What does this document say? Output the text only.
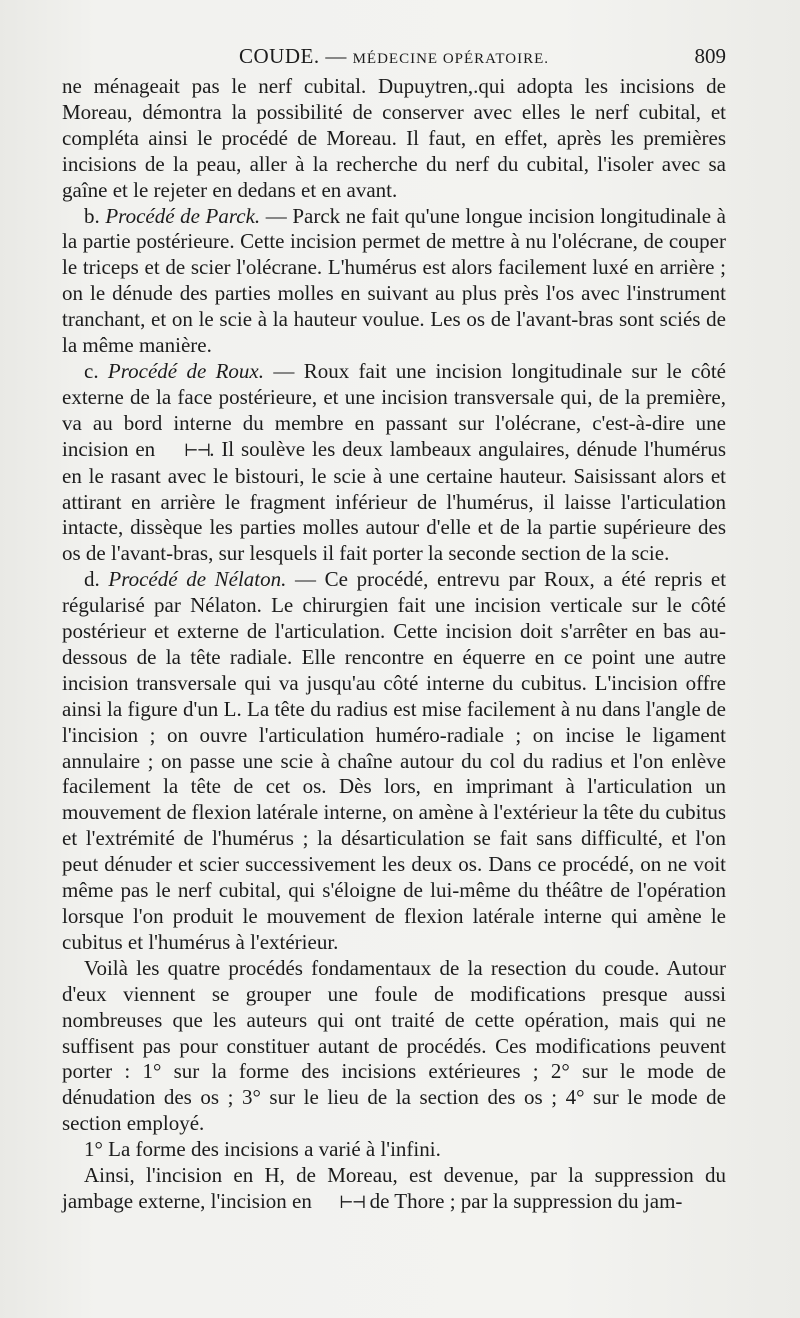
COUDE. — MÉDECINE OPÉRATOIRE.	809

ne ménageait pas le nerf cubital. Dupuytren,.qui adopta les incisions de Moreau, démontra la possibilité de conserver avec elles le nerf cubital, et compléta ainsi le procédé de Moreau. Il faut, en effet, après les premières incisions de la peau, aller à la recherche du nerf du cubital, l'isoler avec sa gaîne et le rejeter en dedans et en avant.

b. Procédé de Parck. — Parck ne fait qu'une longue incision longitudinale à la partie postérieure. Cette incision permet de mettre à nu l'olécrane, de couper le triceps et de scier l'olécrane. L'humérus est alors facilement luxé en arrière ; on le dénude des parties molles en suivant au plus près l'os avec l'instrument tranchant, et on le scie à la hauteur voulue. Les os de l'avant-bras sont sciés de la même manière.

c. Procédé de Roux. — Roux fait une incision longitudinale sur le côté externe de la face postérieure, et une incision transversale qui, de la première, va au bord interne du membre en passant sur l'olécrane, c'est-à-dire une incision en ⊢⊣. Il soulève les deux lambeaux angulaires, dénude l'humérus en le rasant avec le bistouri, le scie à une certaine hauteur. Saisissant alors et attirant en arrière le fragment inférieur de l'humérus, il laisse l'articulation intacte, dissèque les parties molles autour d'elle et de la partie supérieure des os de l'avant-bras, sur lesquels il fait porter la seconde section de la scie.

d. Procédé de Nélaton. — Ce procédé, entrevu par Roux, a été repris et régularisé par Nélaton. Le chirurgien fait une incision verticale sur le côté postérieur et externe de l'articulation. Cette incision doit s'arrêter en bas au-dessous de la tête radiale. Elle rencontre en équerre en ce point une autre incision transversale qui va jusqu'au côté interne du cubitus. L'incision offre ainsi la figure d'un L. La tête du radius est mise facilement à nu dans l'angle de l'incision ; on ouvre l'articulation huméro-radiale ; on incise le ligament annulaire ; on passe une scie à chaîne autour du col du radius et l'on enlève facilement la tête de cet os. Dès lors, en imprimant à l'articulation un mouvement de flexion latérale interne, on amène à l'extérieur la tête du cubitus et l'extrémité de l'humérus ; la désarticulation se fait sans difficulté, et l'on peut dénuder et scier successivement les deux os. Dans ce procédé, on ne voit même pas le nerf cubital, qui s'éloigne de lui-même du théâtre de l'opération lorsque l'on produit le mouvement de flexion latérale interne qui amène le cubitus et l'humérus à l'extérieur.

Voilà les quatre procédés fondamentaux de la resection du coude. Autour d'eux viennent se grouper une foule de modifications presque aussi nombreuses que les auteurs qui ont traité de cette opération, mais qui ne suffisent pas pour constituer autant de procédés. Ces modifications peuvent porter : 1° sur la forme des incisions extérieures ; 2° sur le mode de dénudation des os ; 3° sur le lieu de la section des os ; 4° sur le mode de section employé.

1° La forme des incisions a varié à l'infini.

Ainsi, l'incision en H, de Moreau, est devenue, par la suppression du jambage externe, l'incision en ⊢⊣ de Thore ; par la suppression du jam-
